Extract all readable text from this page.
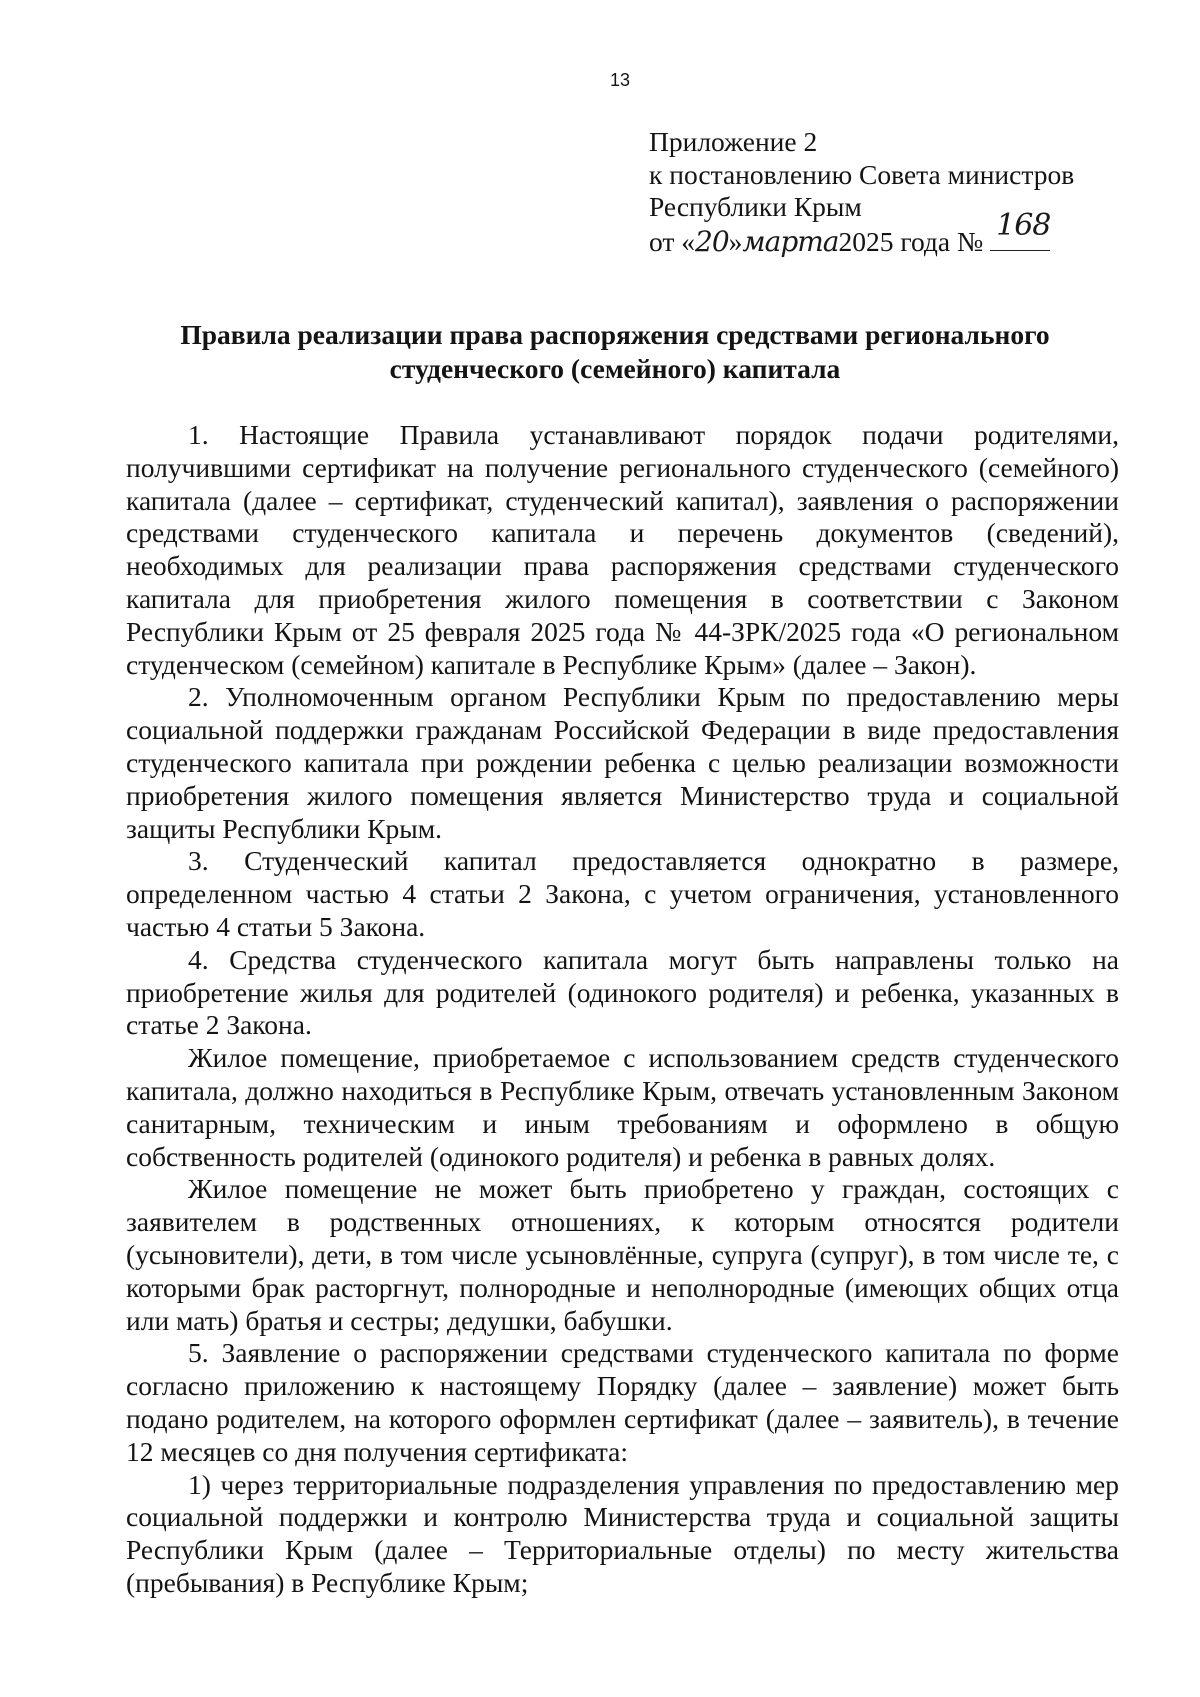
13
Приложение 2
к постановлению Совета министров
Республики Крым
от «20»марта2025 года № 168
Правила реализации права распоряжения средствами регионального
студенческого (семейного) капитала

1. Настоящие Правила устанавливают порядок подачи родителями, получившими сертификат на получение регионального студенческого (семейного) капитала (далее – сертификат, студенческий капитал), заявления о распоряжении средствами студенческого капитала и перечень документов (сведений), необходимых для реализации права распоряжения средствами студенческого капитала для приобретения жилого помещения в соответствии с Законом Республики Крым от 25 февраля 2025 года № 44-ЗРК/2025 года «О региональном студенческом (семейном) капитале в Республике Крым» (далее – Закон).

2. Уполномоченным органом Республики Крым по предоставлению меры социальной поддержки гражданам Российской Федерации в виде предоставления студенческого капитала при рождении ребенка с целью реализации возможности приобретения жилого помещения является Министерство труда и социальной защиты Республики Крым.

3. Студенческий капитал предоставляется однократно в размере, определенном частью 4 статьи 2 Закона, с учетом ограничения, установленного частью 4 статьи 5 Закона.

4. Средства студенческого капитала могут быть направлены только на приобретение жилья для родителей (одинокого родителя) и ребенка, указанных в статье 2 Закона.

Жилое помещение, приобретаемое с использованием средств студенческого капитала, должно находиться в Республике Крым, отвечать установленным Законом санитарным, техническим и иным требованиям и оформлено в общую собственность родителей (одинокого родителя) и ребенка в равных долях.

Жилое помещение не может быть приобретено у граждан, состоящих с заявителем в родственных отношениях, к которым относятся родители (усыновители), дети, в том числе усыновлённые, супруга (супруг), в том числе те, с которыми брак расторгнут, полнородные и неполнородные (имеющих общих отца или мать) братья и сестры; дедушки, бабушки.

5. Заявление о распоряжении средствами студенческого капитала по форме согласно приложению к настоящему Порядку (далее – заявление) может быть подано родителем, на которого оформлен сертификат (далее – заявитель), в течение 12 месяцев со дня получения сертификата:

1) через территориальные подразделения управления по предоставлению мер социальной поддержки и контролю Министерства труда и социальной защиты Республики Крым (далее – Территориальные отделы) по месту жительства (пребывания) в Республике Крым;
